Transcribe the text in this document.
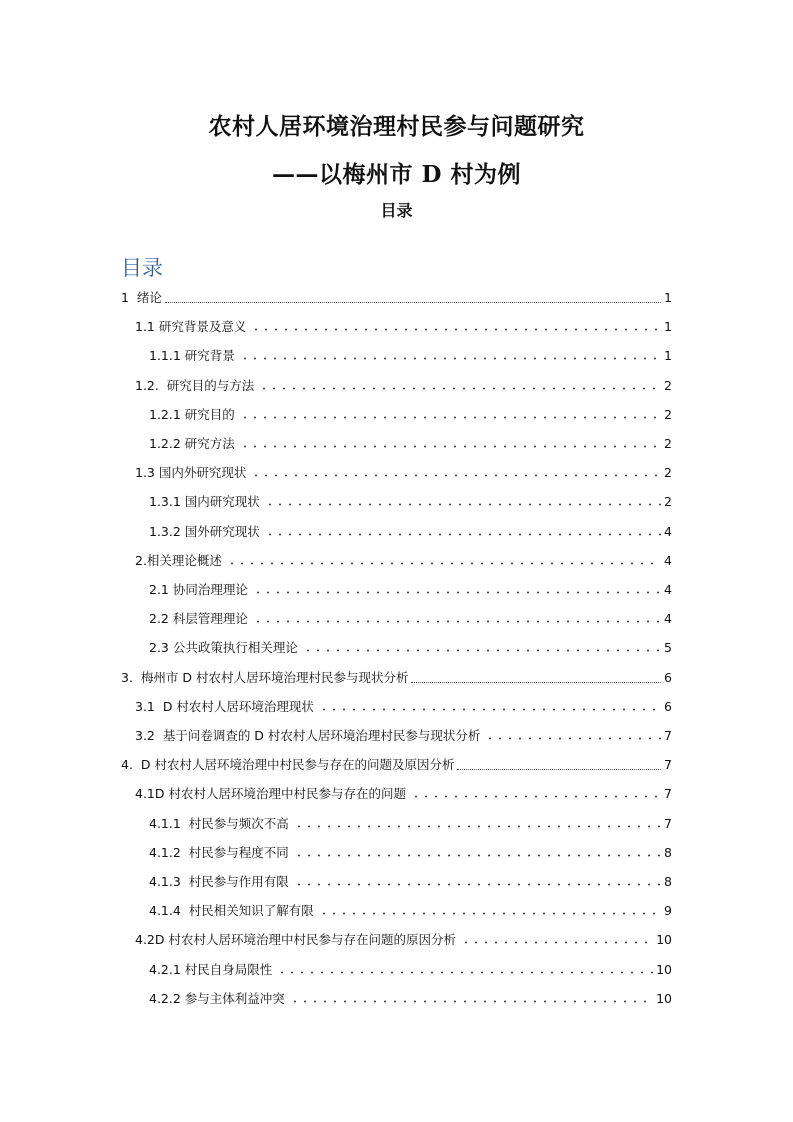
农村人居环境治理村民参与问题研究
——以梅州市 D 村为例
目录
目录
1  绪论	1
1.1 研究背景及意义	1
1.1.1 研究背景	1
1.2.  研究目的与方法	2
1.2.1 研究目的	2
1.2.2 研究方法	2
1.3 国内外研究现状	2
1.3.1 国内研究现状	2
1.3.2 国外研究现状	4
2.相关理论概述	4
2.1 协同治理理论	4
2.2 科层管理理论	4
2.3 公共政策执行相关理论	5
3.  梅州市 D 村农村人居环境治理村民参与现状分析	6
3.1  D 村农村人居环境治理现状	6
3.2  基于问卷调查的 D 村农村人居环境治理村民参与现状分析	7
4.  D 村农村人居环境治理中村民参与存在的问题及原因分析	7
4.1D 村农村人居环境治理中村民参与存在的问题	7
4.1.1  村民参与频次不高	7
4.1.2  村民参与程度不同	8
4.1.3  村民参与作用有限	8
4.1.4  村民相关知识了解有限	9
4.2D 村农村人居环境治理中村民参与存在问题的原因分析	10
4.2.1 村民自身局限性	10
4.2.2 参与主体利益冲突	10
